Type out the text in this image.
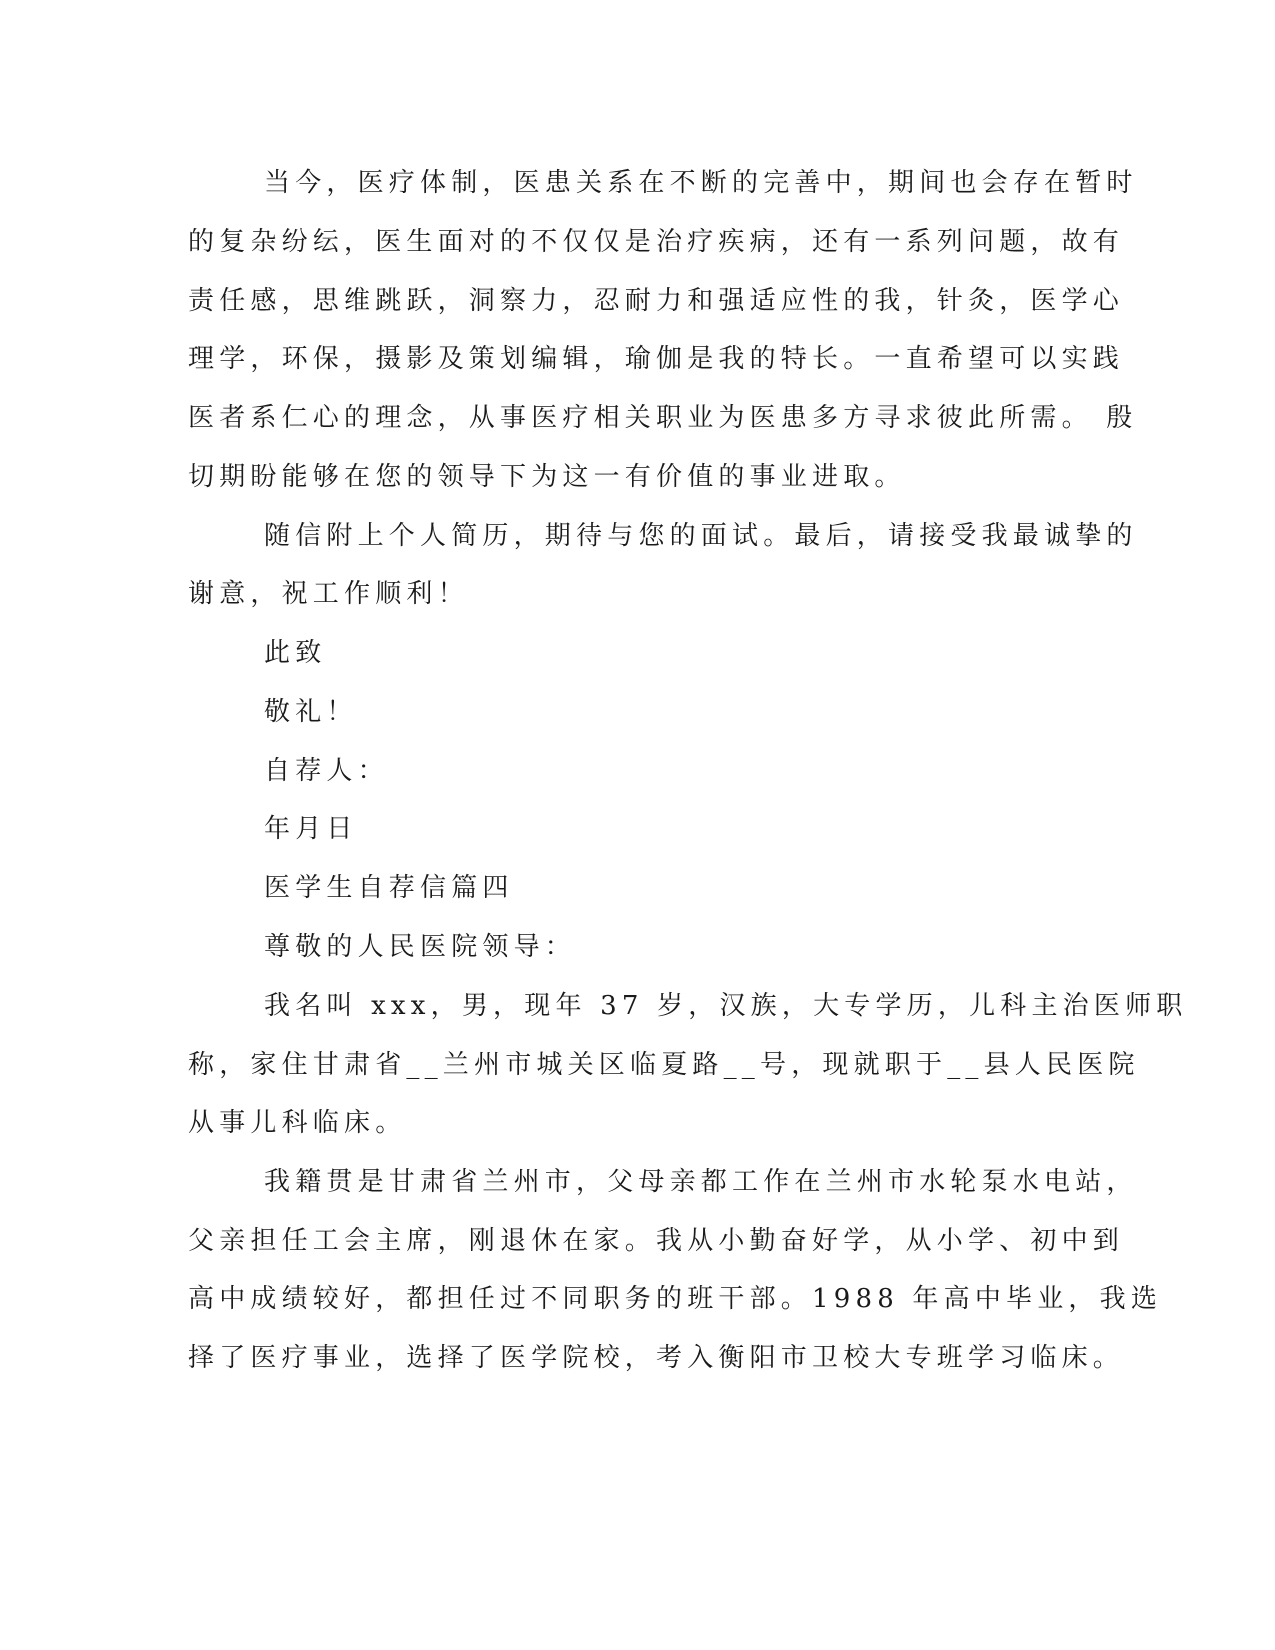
当今，医疗体制，医患关系在不断的完善中，期间也会存在暂时
的复杂纷纭，医生面对的不仅仅是治疗疾病，还有一系列问题，故有
责任感，思维跳跃，洞察力，忍耐力和强适应性的我，针灸，医学心
理学，环保，摄影及策划编辑，瑜伽是我的特长。一直希望可以实践
医者系仁心的理念，从事医疗相关职业为医患多方寻求彼此所需。 殷
切期盼能够在您的领导下为这一有价值的事业进取。
随信附上个人简历，期待与您的面试。最后，请接受我最诚挚的
谢意，祝工作顺利！
此致
敬礼！
自荐人：
年月日
医学生自荐信篇四
尊敬的人民医院领导：
我名叫 xxx，男，现年 37 岁，汉族，大专学历，儿科主治医师职
称，家住甘肃省__兰州市城关区临夏路__号，现就职于__县人民医院
从事儿科临床。
我籍贯是甘肃省兰州市，父母亲都工作在兰州市水轮泵水电站，
父亲担任工会主席，刚退休在家。我从小勤奋好学，从小学、初中到
高中成绩较好，都担任过不同职务的班干部。1988 年高中毕业，我选
择了医疗事业，选择了医学院校，考入衡阳市卫校大专班学习临床。
